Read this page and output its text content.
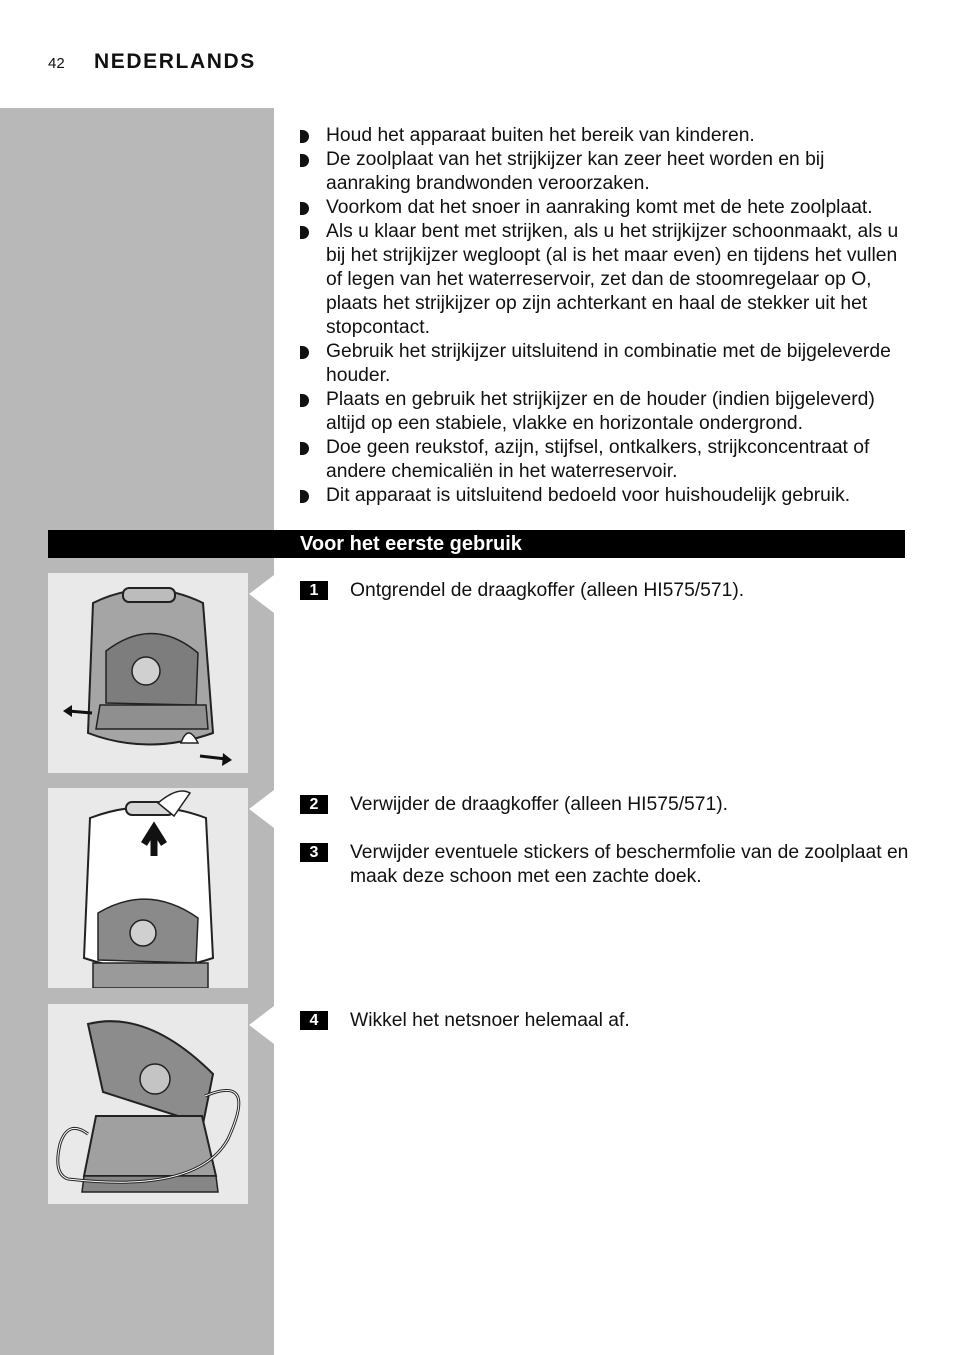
42 NEDERLANDS
Houd het apparaat buiten het bereik van kinderen.
De zoolplaat van het strijkijzer kan zeer heet worden en bij aanraking brandwonden veroorzaken.
Voorkom dat het snoer in aanraking komt met de hete zoolplaat.
Als u klaar bent met strijken, als u het strijkijzer schoonmaakt, als u bij het strijkijzer wegloopt (al is het maar even) en tijdens het vullen of legen van het waterreservoir, zet dan de stoomregelaar op O, plaats het strijkijzer op zijn achterkant en haal de stekker uit het stopcontact.
Gebruik het strijkijzer uitsluitend in combinatie met de bijgeleverde houder.
Plaats en gebruik het strijkijzer en de houder (indien bijgeleverd) altijd op een stabiele, vlakke en horizontale ondergrond.
Doe geen reukstof, azijn, stijfsel, ontkalkers, strijkconcentraat of andere chemicaliën in het waterreservoir.
Dit apparaat is uitsluitend bedoeld voor huishoudelijk gebruik.
Voor het eerste gebruik
1	Ontgrendel de draagkoffer (alleen HI575/571).
2	Verwijder de draagkoffer (alleen HI575/571).
3	Verwijder eventuele stickers of beschermfolie van de zoolplaat en maak deze schoon met een zachte doek.
4	Wikkel het netsnoer helemaal af.
